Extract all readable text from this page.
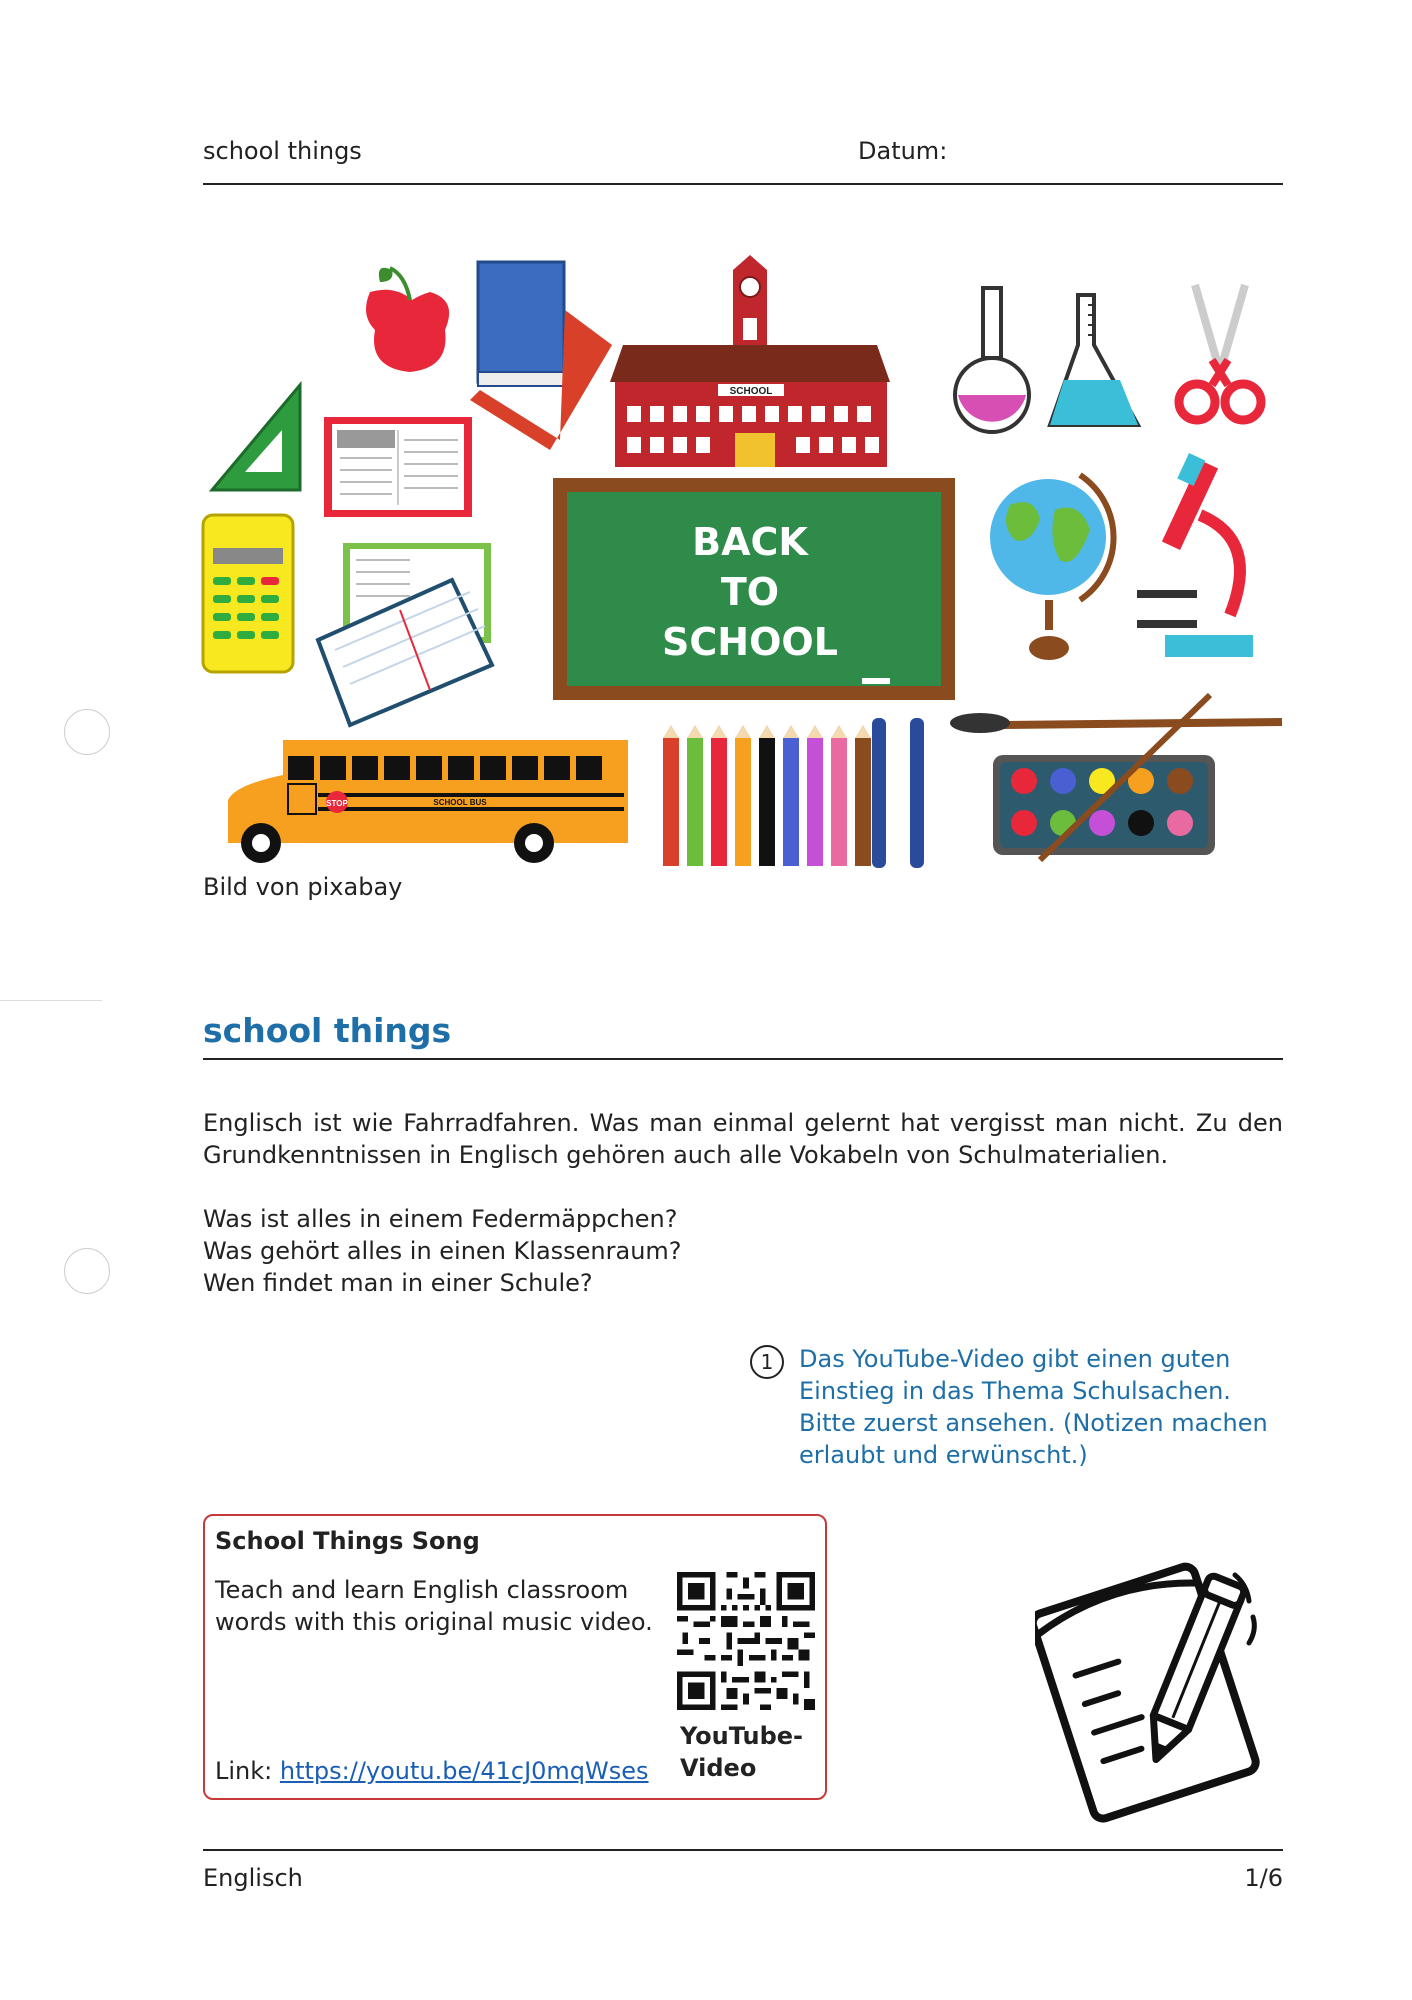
school things	Datum:
SCHOOL
BACK
TO
SCHOOL
STOP	SCHOOL BUS
Bild von pixabay
school things
Englisch ist wie Fahrradfahren. Was man einmal gelernt hat vergisst man nicht. Zu den Grundkenntnissen in Englisch gehören auch alle Vokabeln von Schulmaterialien.
Was ist alles in einem Federmäppchen?
Was gehört alles in einen Klassenraum?
Wen findet man in einer Schule?
1	Das YouTube-Video gibt einen guten
Einstieg in das Thema Schulsachen.
Bitte zuerst ansehen. (Notizen machen
erlaubt und erwünscht.)
School Things Song
Teach and learn English classroom
words with this original music video.
Link: https://youtu.be/41cJ0mqWses
YouTube-
Video
Englisch	1/6
